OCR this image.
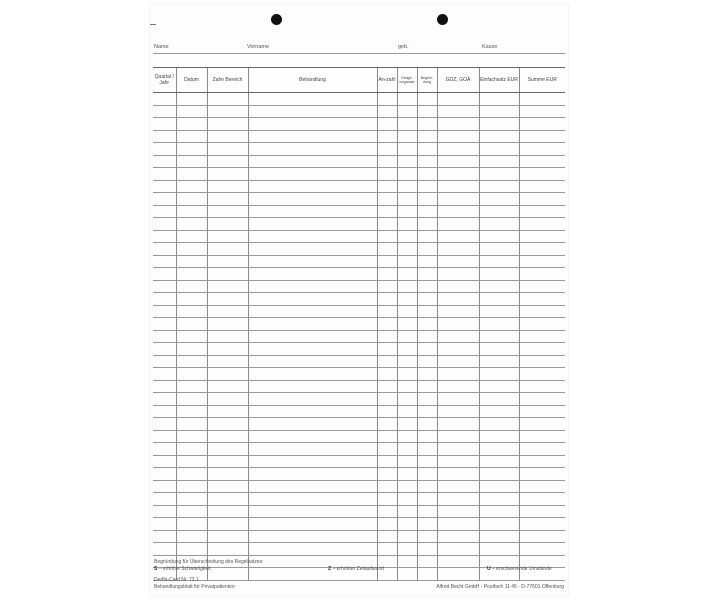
Name	Vorname	geb.	Kasse
Quartal / Jahr	Datum	Zahn Bereich	Behandlung	An-zahl	Steige-rungssatz	Begrün-dung	GOZ, GOÄ	Einfachsatz EUR	Summe EUR

Begründung für Überschreitung des Regelsatzes:
S – erhöhte Schwierigkeit	Z – erhöhter Zeitaufwand	U – erschwerende Umstände
Derfla-Card Nr. 72.1
Behandlungsblatt für Privatpatienten	Alfred Becht GmbH · Postfach 11 45 · D-77601 Offenburg
